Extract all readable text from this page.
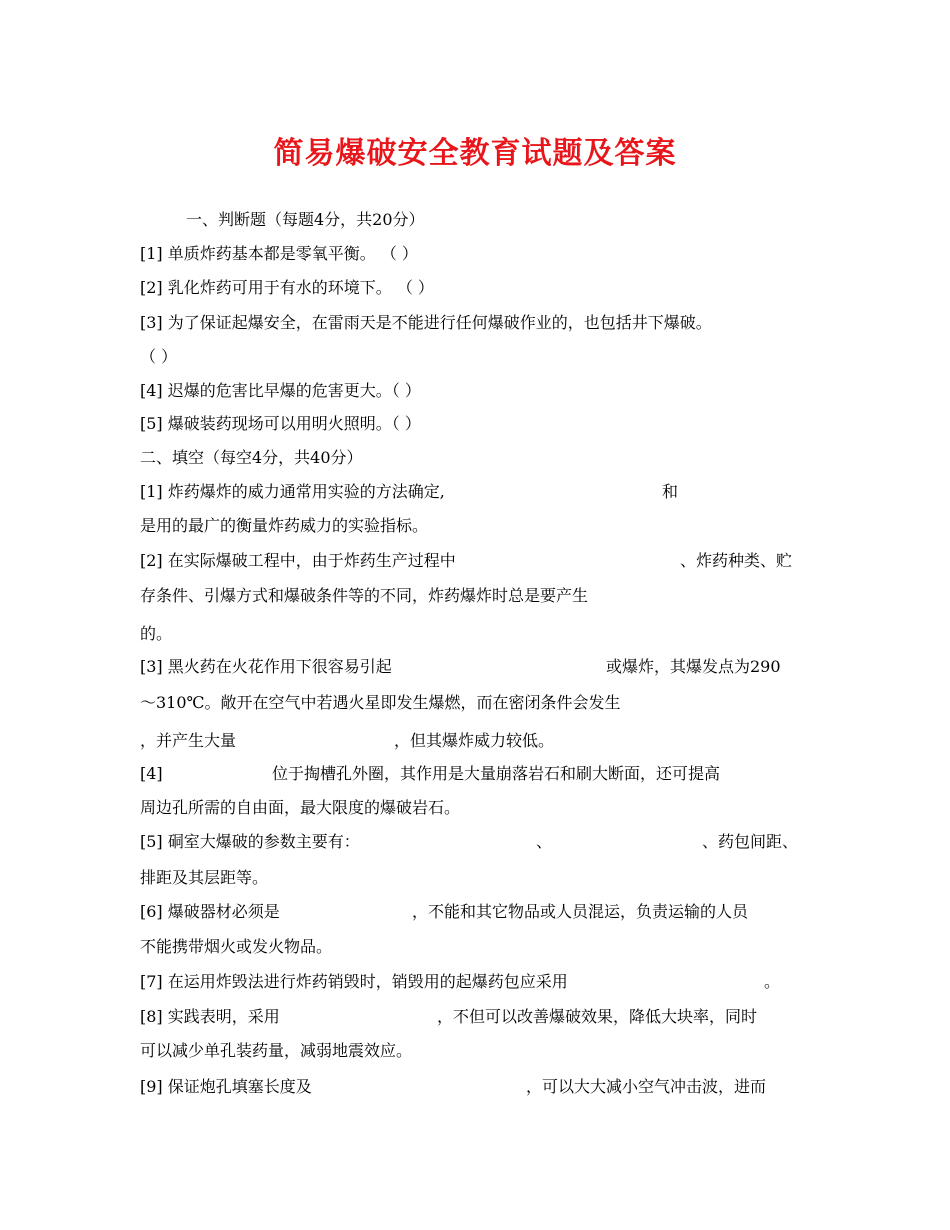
简易爆破安全教育试题及答案
一、判断题（每题4分，共20分）
[1] 单质炸药基本都是零氧平衡。 （ ）
[2] 乳化炸药可用于有水的环境下。 （ ）
[3] 为了保证起爆安全，在雷雨天是不能进行任何爆破作业的，也包括井下爆破。
（ ）
[4] 迟爆的危害比早爆的危害更大。（ ）
[5] 爆破装药现场可以用明火照明。（ ）
二、填空（每空4分，共40分）
[1] 炸药爆炸的威力通常用实验的方法确定,	和
是用的最广的衡量炸药威力的实验指标。
[2] 在实际爆破工程中，由于炸药生产过程中	、炸药种类、贮
存条件、引爆方式和爆破条件等的不同，炸药爆炸时总是要产生
的。
[3] 黑火药在火花作用下很容易引起	或爆炸，其爆发点为290
～310℃。敞开在空气中若遇火星即发生爆燃，而在密闭条件会发生
，并产生大量	，但其爆炸威力较低。
[4]	位于掏槽孔外圈，其作用是大量崩落岩石和刷大断面，还可提高
周边孔所需的自由面，最大限度的爆破岩石。
[5] 硐室大爆破的参数主要有：	、	、药包间距、
排距及其层距等。
[6] 爆破器材必须是	，不能和其它物品或人员混运，负责运输的人员
不能携带烟火或发火物品。
[7] 在运用炸毁法进行炸药销毁时，销毁用的起爆药包应采用	。
[8] 实践表明，采用	，不但可以改善爆破效果，降低大块率，同时
可以减少单孔装药量，减弱地震效应。
[9] 保证炮孔填塞长度及	，可以大大减小空气冲击波，进而
